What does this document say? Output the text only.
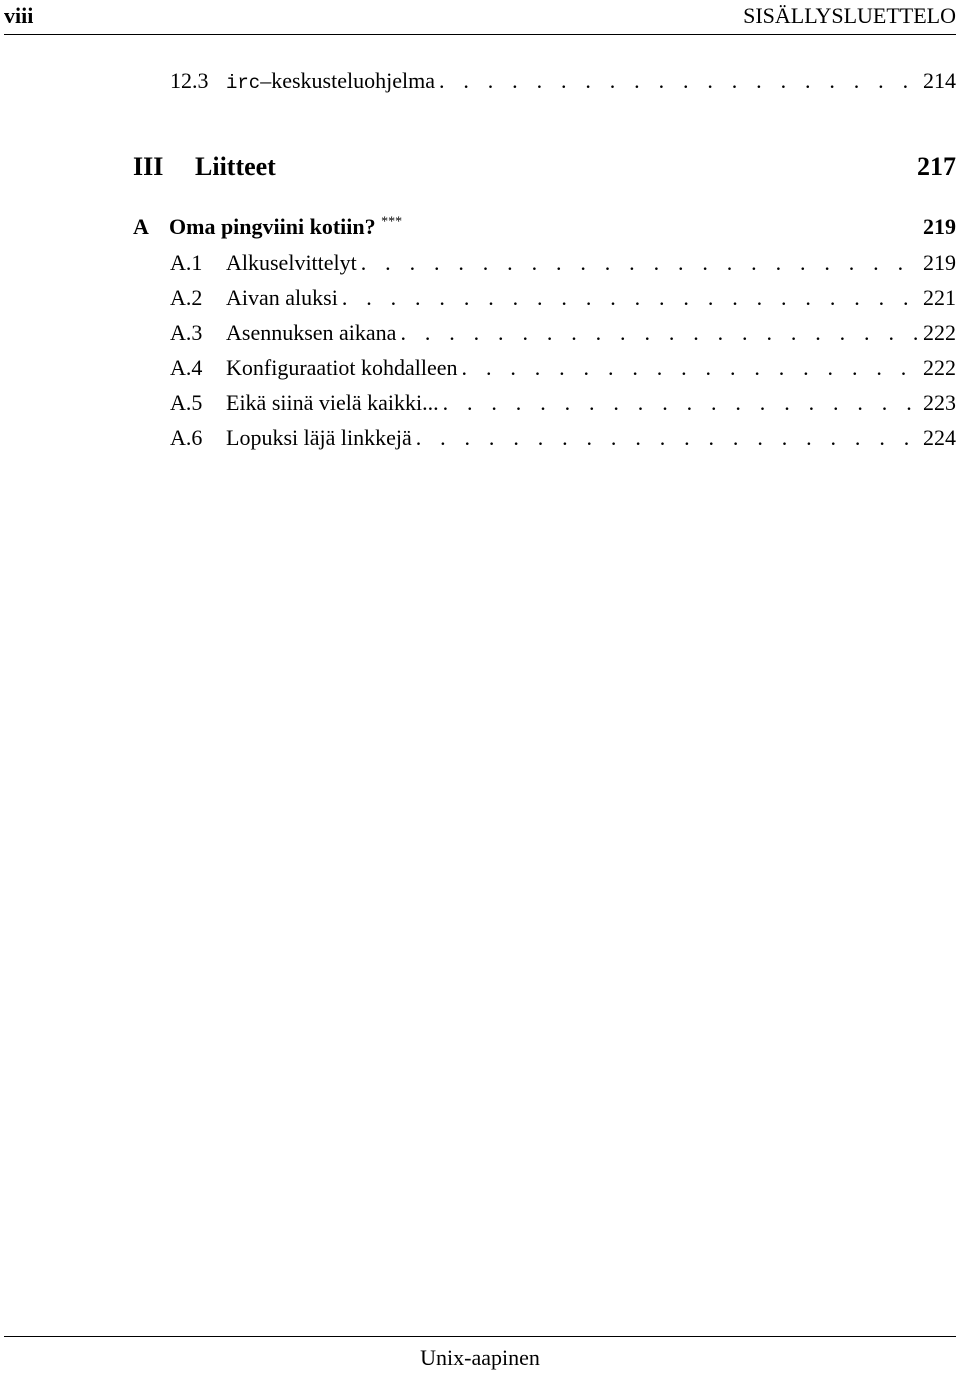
viii	SISÄLLYSLUETTELO
12.3 irc–keskusteluohjelma . . .	214
III	Liitteet	217
A Oma pingviini kotiin? ***	219
A.1	Alkuselvittelyt . . .	219
A.2	Aivan aluksi . . .	221
A.3	Asennuksen aikana . . .	222
A.4	Konfiguraatiot kohdalleen . . .	222
A.5	Eikä siinä vielä kaikki... . . .	223
A.6	Lopuksi läjä linkkejä . . .	224
Unix-aapinen
